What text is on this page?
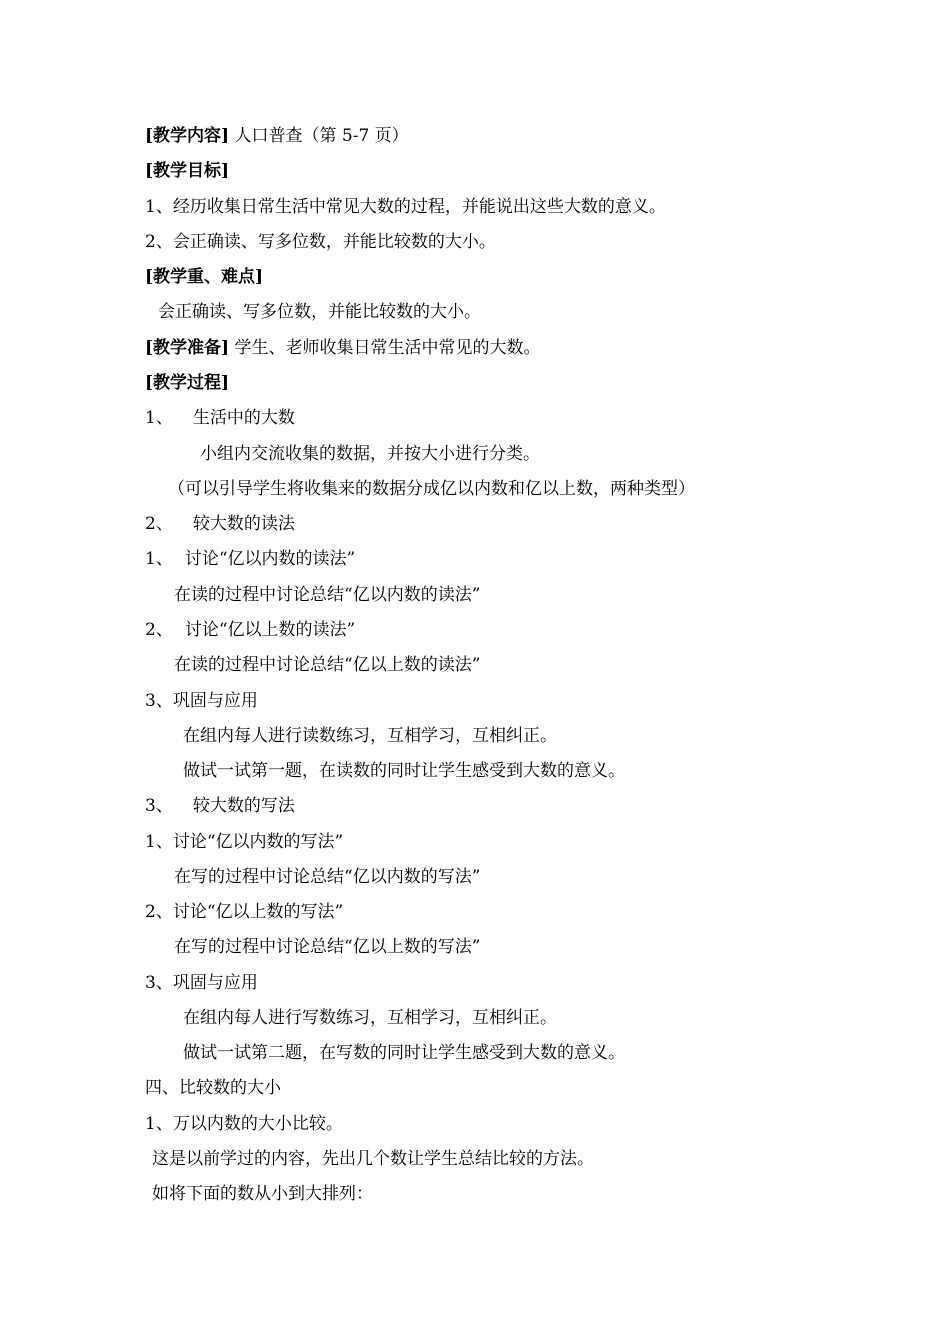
[教学内容] 人口普查（第 5-7 页）
[教学目标]
1、经历收集日常生活中常见大数的过程，并能说出这些大数的意义。
2、会正确读、写多位数，并能比较数的大小。
[教学重、难点]
会正确读、写多位数，并能比较数的大小。
[教学准备] 学生、老师收集日常生活中常见的大数。
[教学过程]
1、 生活中的大数
小组内交流收集的数据，并按大小进行分类。
（可以引导学生将收集来的数据分成亿以内数和亿以上数，两种类型）
2、 较大数的读法
1、 讨论“亿以内数的读法”
在读的过程中讨论总结“亿以内数的读法”
2、 讨论“亿以上数的读法”
在读的过程中讨论总结“亿以上数的读法”
3、巩固与应用
在组内每人进行读数练习，互相学习，互相纠正。
做试一试第一题，在读数的同时让学生感受到大数的意义。
3、 较大数的写法
1、讨论“亿以内数的写法”
在写的过程中讨论总结“亿以内数的写法”
2、讨论“亿以上数的写法”
在写的过程中讨论总结“亿以上数的写法”
3、巩固与应用
在组内每人进行写数练习，互相学习，互相纠正。
做试一试第二题，在写数的同时让学生感受到大数的意义。
四、比较数的大小
1、万以内数的大小比较。
这是以前学过的内容，先出几个数让学生总结比较的方法。
如将下面的数从小到大排列：
